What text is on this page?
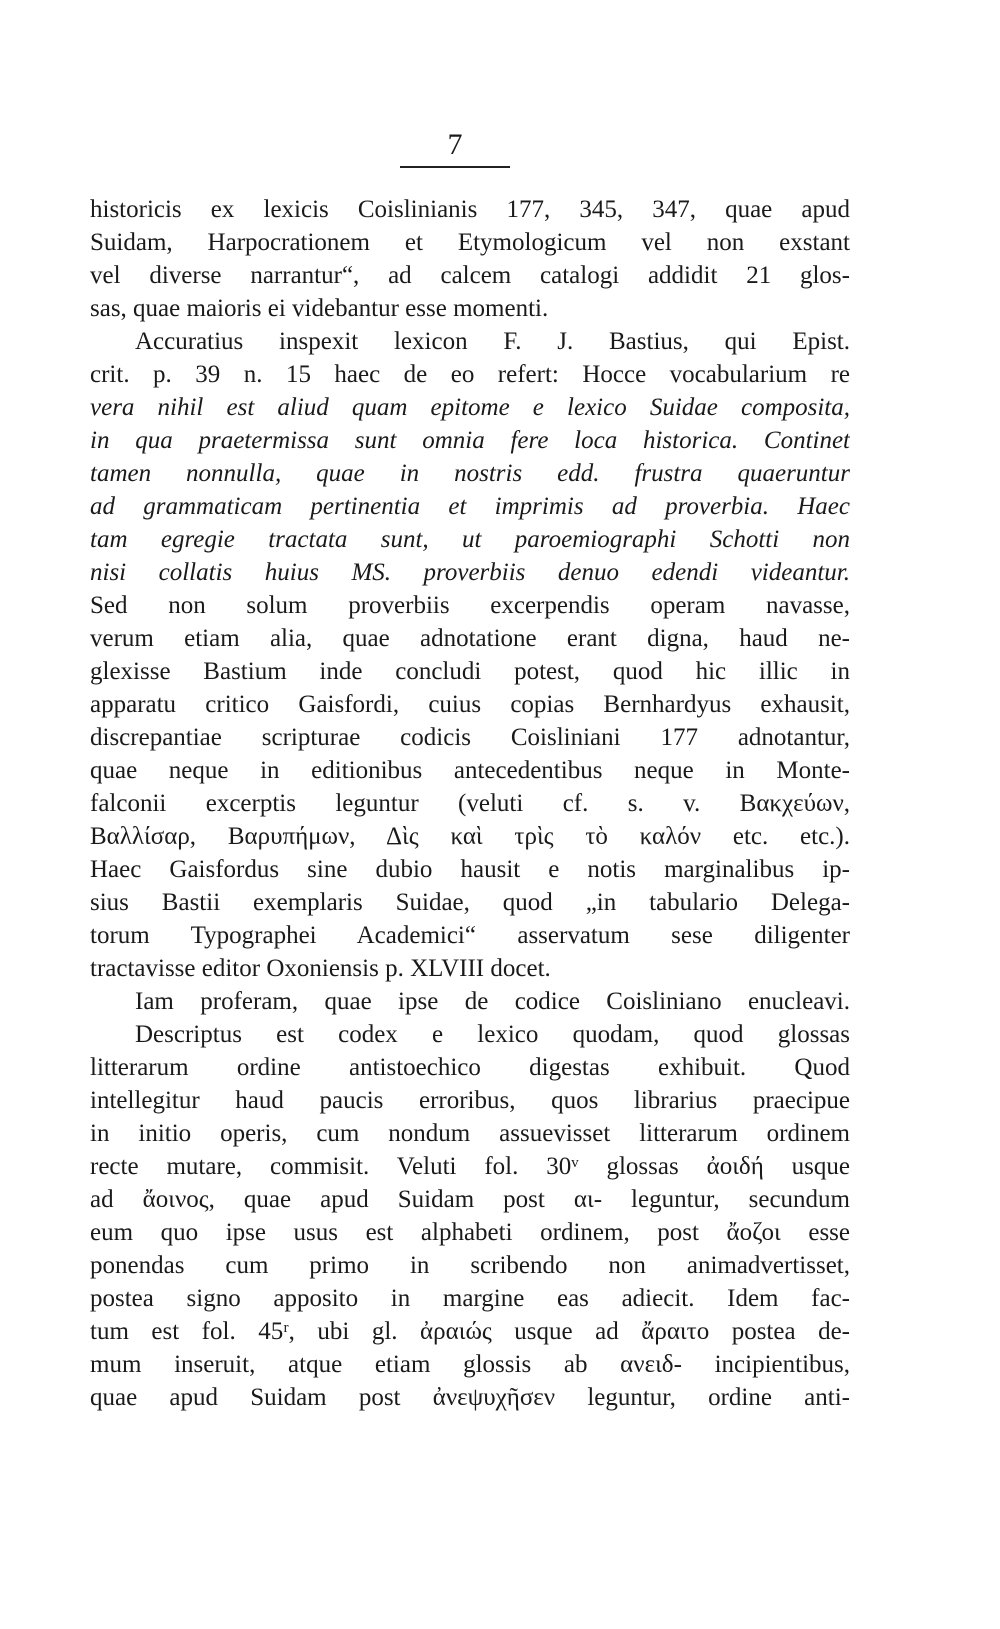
7
historicis ex lexicis Coislinianis 177, 345, 347, quae apud
Suidam, Harpocrationem et Etymologicum vel non exstant
vel diverse narrantur“, ad calcem catalogi addidit 21 glos-
sas, quae maioris ei videbantur esse momenti.
Accuratius inspexit lexicon F. J. Bastius, qui Epist.
crit. p. 39 n. 15 haec de eo refert: Hocce vocabularium re
vera nihil est aliud quam epitome e lexico Suidae composita,
in qua praetermissa sunt omnia fere loca historica. Continet
tamen nonnulla, quae in nostris edd. frustra quaeruntur
ad grammaticam pertinentia et imprimis ad proverbia. Haec
tam egregie tractata sunt, ut paroemiographi Schotti non
nisi collatis huius MS. proverbiis denuo edendi videantur.
Sed non solum proverbiis excerpendis operam navasse,
verum etiam alia, quae adnotatione erant digna, haud ne-
glexisse Bastium inde concludi potest, quod hic illic in
apparatu critico Gaisfordi, cuius copias Bernhardyus exhausit,
discrepantiae scripturae codicis Coisliniani 177 adnotantur,
quae neque in editionibus antecedentibus neque in Monte-
falconii excerptis leguntur (veluti cf. s. v. Βακχεύων,
Βαλλίσαρ, Βαρυπήμων, Δὶς καὶ τρὶς τὸ καλόν etc. etc.).
Haec Gaisfordus sine dubio hausit e notis marginalibus ip-
sius Bastii exemplaris Suidae, quod „in tabulario Delega-
torum Typographei Academici“ asservatum sese diligenter
tractavisse editor Oxoniensis p. XLVIII docet.
Iam proferam, quae ipse de codice Coisliniano enucleavi.
Descriptus est codex e lexico quodam, quod glossas
litterarum ordine antistoechico digestas exhibuit. Quod
intellegitur haud paucis erroribus, quos librarius praecipue
in initio operis, cum nondum assuevisset litterarum ordinem
recte mutare, commisit. Veluti fol. 30ᵛ glossas ἀοιδή usque
ad ἄοινος, quae apud Suidam post αι- leguntur, secundum
eum quo ipse usus est alphabeti ordinem, post ἄοζοι esse
ponendas cum primo in scribendo non animadvertisset,
postea signo apposito in margine eas adiecit. Idem fac-
tum est fol. 45ʳ, ubi gl. ἀραιώς usque ad ἄραιτο postea de-
mum inseruit, atque etiam glossis ab ανειδ- incipientibus,
quae apud Suidam post ἀνεψυχῆσεν leguntur, ordine anti-
